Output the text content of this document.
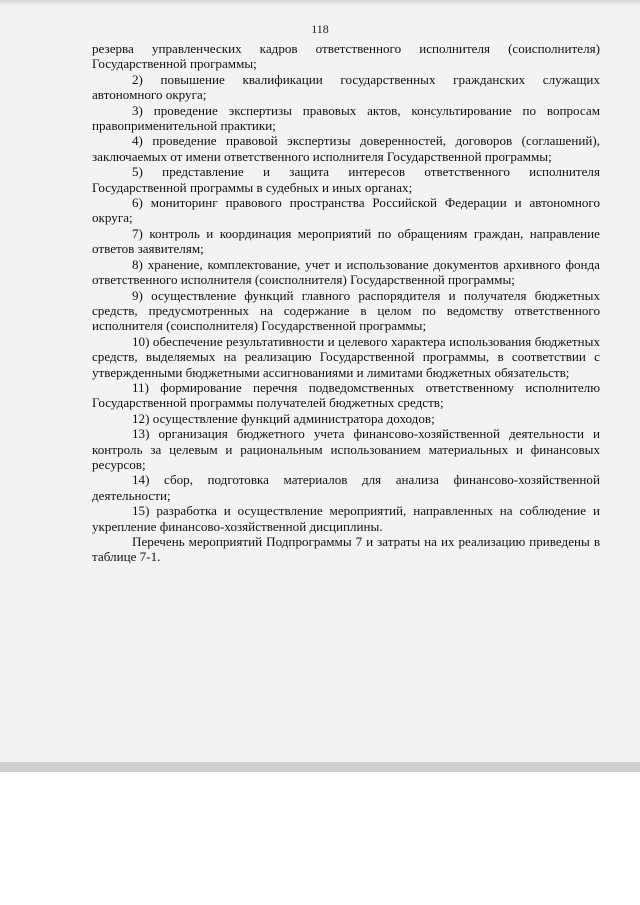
118

резерва управленческих кадров ответственного исполнителя (соисполнителя) Государственной программы;

2) повышение квалификации государственных гражданских служащих автономного округа;

3) проведение экспертизы правовых актов, консультирование по вопросам правоприменительной практики;

4) проведение правовой экспертизы доверенностей, договоров (соглашений), заключаемых от имени ответственного исполнителя Государственной программы;

5) представление и защита интересов ответственного исполнителя Государственной программы в судебных и иных органах;

6) мониторинг правового пространства Российской Федерации и автономного округа;

7) контроль и координация мероприятий по обращениям граждан, направление ответов заявителям;

8) хранение, комплектование, учет и использование документов архивного фонда ответственного исполнителя (соисполнителя) Государственной программы;

9) осуществление функций главного распорядителя и получателя бюджетных средств, предусмотренных на содержание в целом по ведомству ответственного исполнителя (соисполнителя) Государственной программы;

10) обеспечение результативности и целевого характера использования бюджетных средств, выделяемых на реализацию Государственной программы, в соответствии с утвержденными бюджетными ассигнованиями и лимитами бюджетных обязательств;

11) формирование перечня подведомственных ответственному исполнителю Государственной программы получателей бюджетных средств;

12) осуществление функций администратора доходов;

13) организация бюджетного учета финансово-хозяйственной деятельности и контроль за целевым и рациональным использованием материальных и финансовых ресурсов;

14) сбор, подготовка материалов для анализа финансово-хозяйственной деятельности;

15) разработка и осуществление мероприятий, направленных на соблюдение и укрепление финансово-хозяйственной дисциплины.

Перечень мероприятий Подпрограммы 7 и затраты на их реализацию приведены в таблице 7-1.
